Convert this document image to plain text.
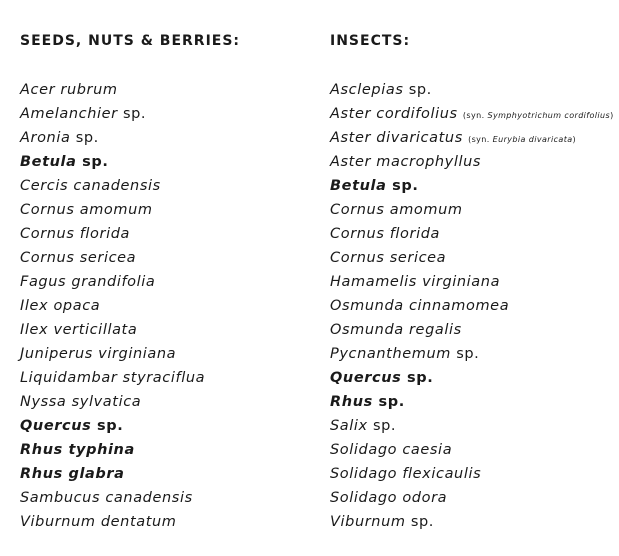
SEEDS, NUTS & BERRIES:
Acer rubrum
Amelanchier sp.
Aronia sp.
Betula sp.
Cercis canadensis
Cornus amomum
Cornus florida
Cornus sericea
Fagus grandifolia
Ilex opaca
Ilex verticillata
Juniperus virginiana
Liquidambar styraciflua
Nyssa sylvatica
Quercus sp.
Rhus typhina
Rhus glabra
Sambucus canadensis
Viburnum dentatum
INSECTS:
Asclepias sp.
Aster cordifolius (syn. Symphyotrichum cordifolius)
Aster divaricatus (syn. Eurybia divaricata)
Aster macrophyllus
Betula sp.
Cornus amomum
Cornus florida
Cornus sericea
Hamamelis virginiana
Osmunda cinnamomea
Osmunda regalis
Pycnanthemum sp.
Quercus sp.
Rhus sp.
Salix sp.
Solidago caesia
Solidago flexicaulis
Solidago odora
Viburnum sp.
